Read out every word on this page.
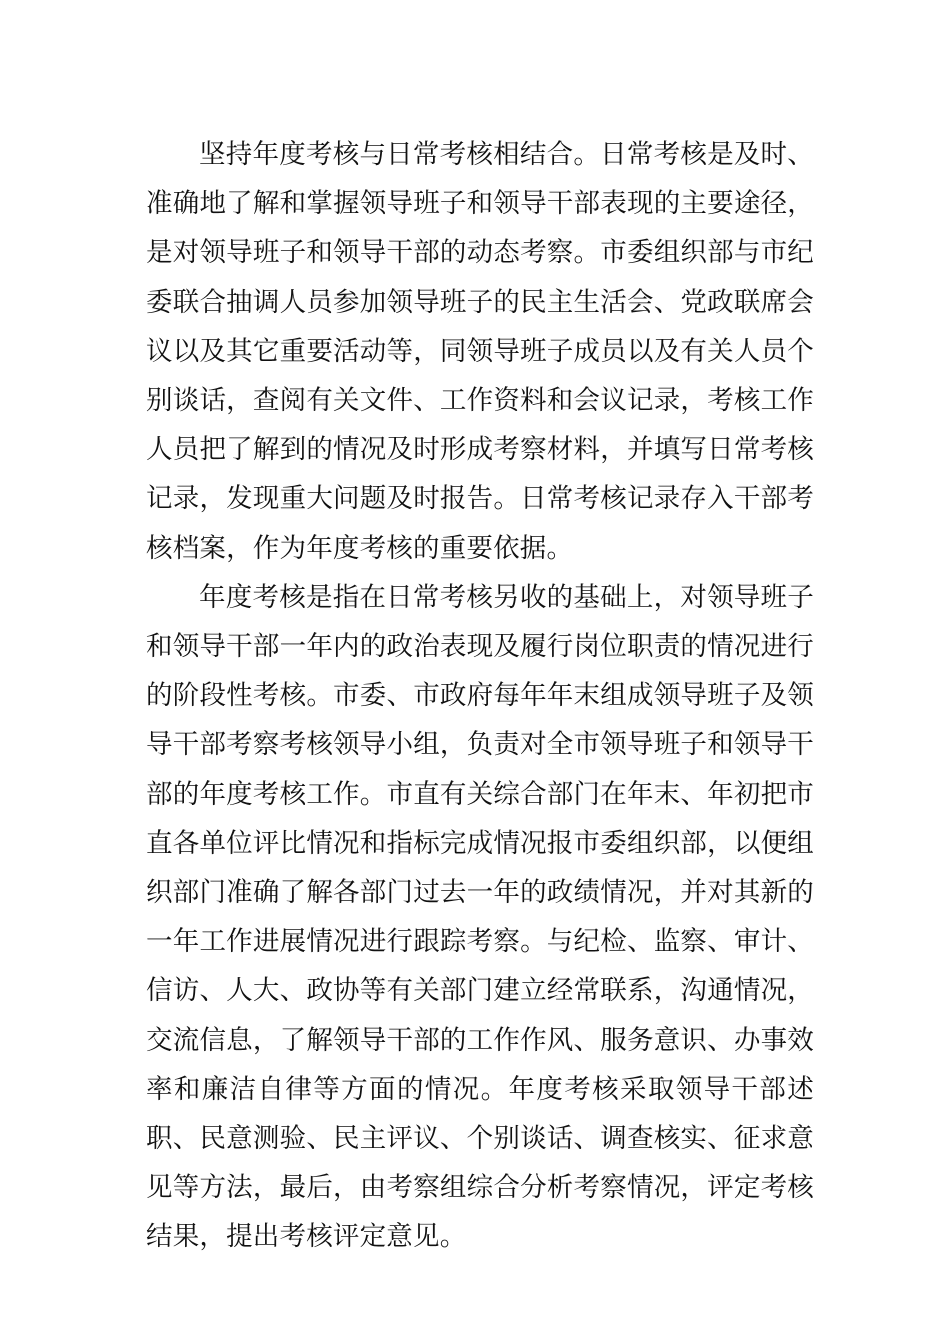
坚持年度考核与日常考核相结合。日常考核是及时、准确地了解和掌握领导班子和领导干部表现的主要途径，是对领导班子和领导干部的动态考察。市委组织部与市纪委联合抽调人员参加领导班子的民主生活会、党政联席会议以及其它重要活动等，同领导班子成员以及有关人员个别谈话，查阅有关文件、工作资料和会议记录，考核工作人员把了解到的情况及时形成考察材料，并填写日常考核记录，发现重大问题及时报告。日常考核记录存入干部考核档案，作为年度考核的重要依据。

年度考核是指在日常考核另收的基础上，对领导班子和领导干部一年内的政治表现及履行岗位职责的情况进行的阶段性考核。市委、市政府每年年末组成领导班子及领导干部考察考核领导小组，负责对全市领导班子和领导干部的年度考核工作。市直有关综合部门在年末、年初把市直各单位评比情况和指标完成情况报市委组织部，以便组织部门准确了解各部门过去一年的政绩情况，并对其新的一年工作进展情况进行跟踪考察。与纪检、监察、审计、信访、人大、政协等有关部门建立经常联系，沟通情况，交流信息，了解领导干部的工作作风、服务意识、办事效率和廉洁自律等方面的情况。年度考核采取领导干部述职、民意测验、民主评议、个别谈话、调查核实、征求意见等方法，最后，由考察组综合分析考察情况，评定考核结果，提出考核评定意见。
